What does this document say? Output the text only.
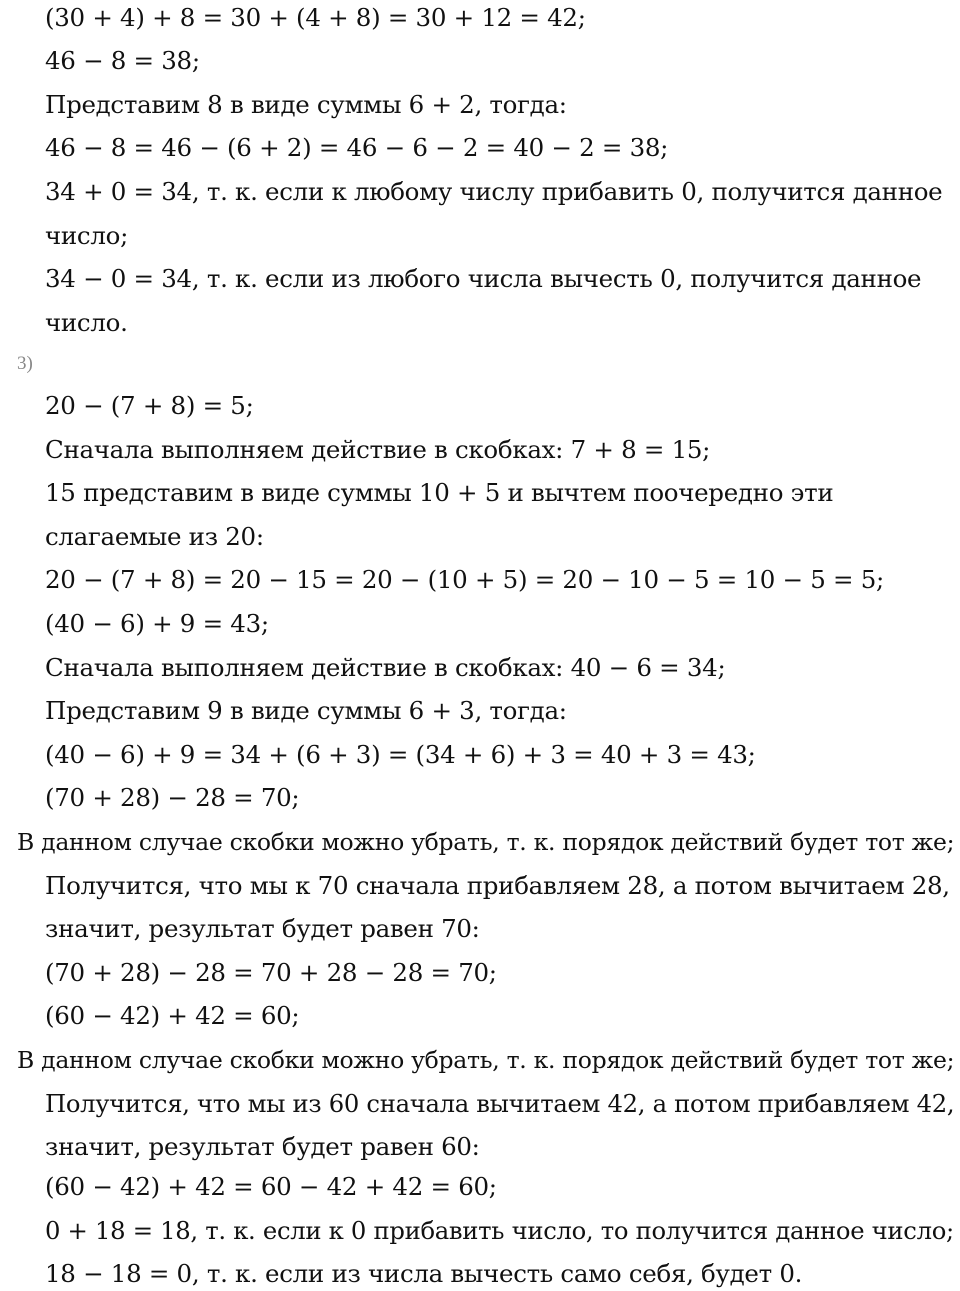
(30 + 4) + 8 = 30 + (4 + 8) = 30 + 12 = 42;
46 − 8 = 38;
Представим 8 в виде суммы 6 + 2, тогда:
46 − 8 = 46 − (6 + 2) = 46 − 6 − 2 = 40 − 2 = 38;
34 + 0 = 34, т. к. если к любому числу прибавить 0, получится данное
число;
34 − 0 = 34, т. к. если из любого числа вычесть 0, получится данное
число.
3)
20 − (7 + 8) = 5;
Сначала выполняем действие в скобках: 7 + 8 = 15;
15 представим в виде суммы 10 + 5 и вычтем поочередно эти
слагаемые из 20:
20 − (7 + 8) = 20 − 15 = 20 − (10 + 5) = 20 − 10 − 5 = 10 − 5 = 5;
(40 − 6) + 9 = 43;
Сначала выполняем действие в скобках: 40 − 6 = 34;
Представим 9 в виде суммы 6 + 3, тогда:
(40 − 6) + 9 = 34 + (6 + 3) = (34 + 6) + 3 = 40 + 3 = 43;
(70 + 28) − 28 = 70;
В данном случае скобки можно убрать, т. к. порядок действий будет тот же;
Получится, что мы к 70 сначала прибавляем 28, а потом вычитаем 28,
значит, результат будет равен 70:
(70 + 28) − 28 = 70 + 28 − 28 = 70;
(60 − 42) + 42 = 60;
В данном случае скобки можно убрать, т. к. порядок действий будет тот же;
Получится, что мы из 60 сначала вычитаем 42, а потом прибавляем 42,
значит, результат будет равен 60:
(60 − 42) + 42 = 60 − 42 + 42 = 60;
0 + 18 = 18, т. к. если к 0 прибавить число, то получится данное число;
18 − 18 = 0, т. к. если из числа вычесть само себя, будет 0.
